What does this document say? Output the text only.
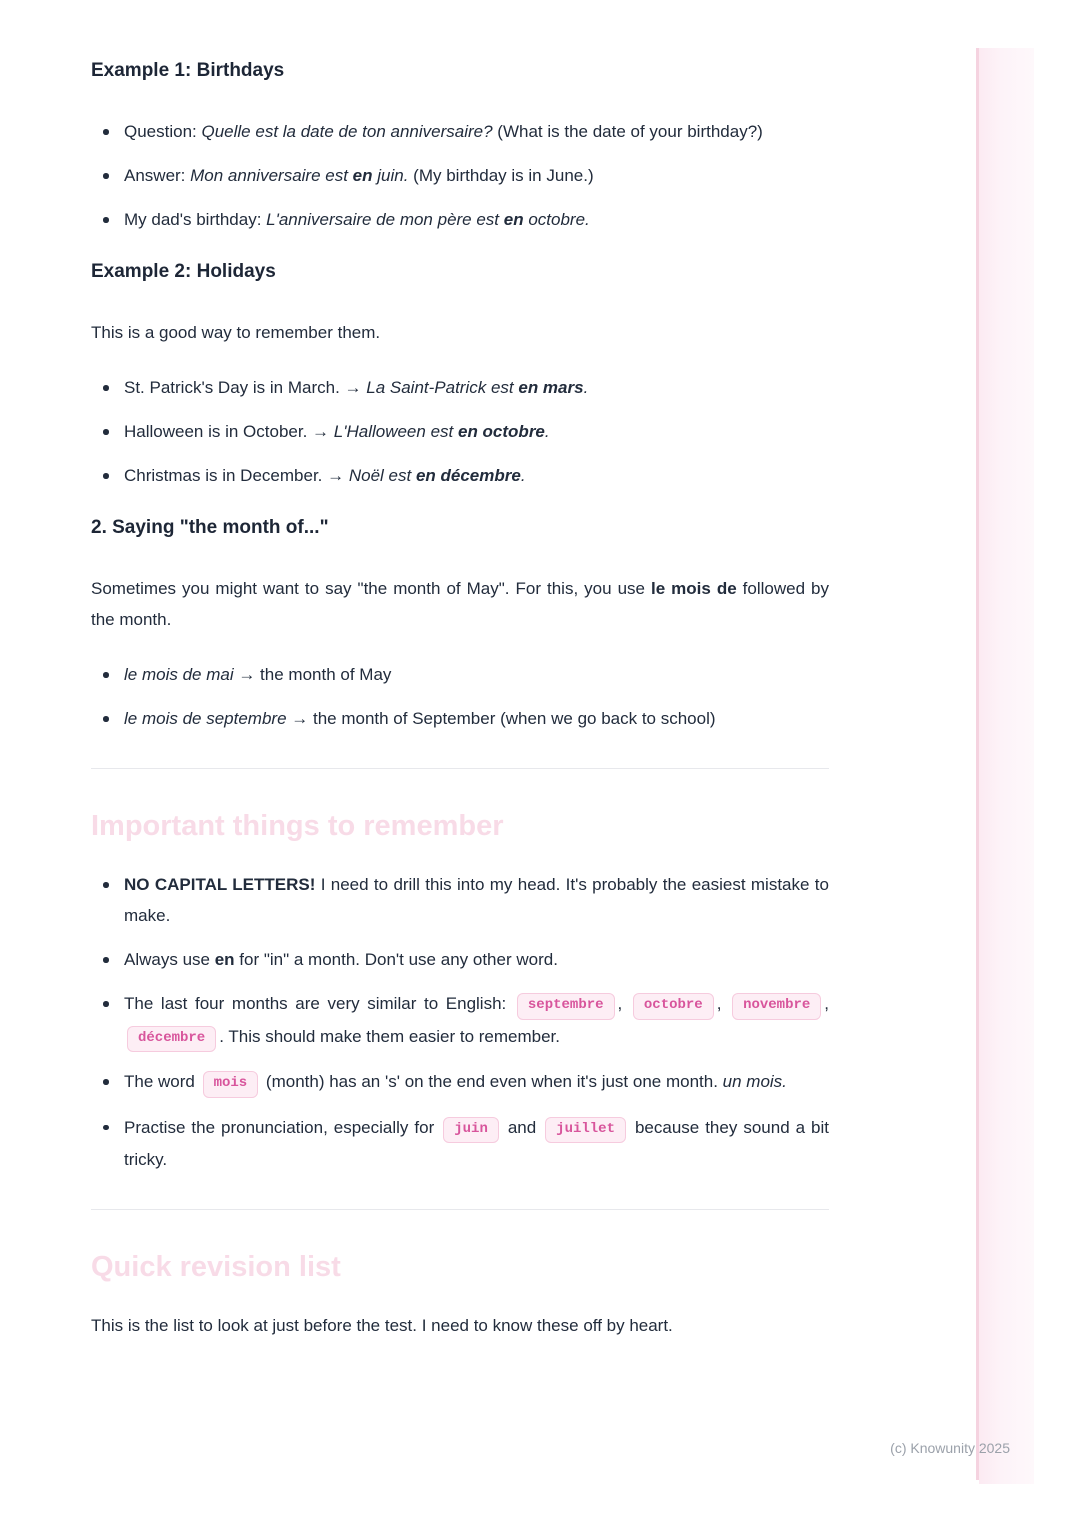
Example 1: Birthdays
Question: Quelle est la date de ton anniversaire? (What is the date of your birthday?)
Answer: Mon anniversaire est en juin. (My birthday is in June.)
My dad's birthday: L'anniversaire de mon père est en octobre.
Example 2: Holidays

This is a good way to remember them.

St. Patrick's Day is in March. → La Saint-Patrick est en mars.
Halloween is in October. → L'Halloween est en octobre.
Christmas is in December. → Noël est en décembre.
2. Saying "the month of..."

Sometimes you might want to say "the month of May". For this, you use le mois de followed by the month.

le mois de mai → the month of May
le mois de septembre → the month of September (when we go back to school)
Important things to remember
NO CAPITAL LETTERS! I need to drill this into my head. It's probably the easiest mistake to make.
Always use en for "in" a month. Don't use any other word.
The last four months are very similar to English: septembre , octobre , novembre , décembre . This should make them easier to remember.
The word mois (month) has an 's' on the end even when it's just one month. un mois.
Practise the pronunciation, especially for juin and juillet because they sound a bit tricky.
Quick revision list

This is the list to look at just before the test. I need to know these off by heart.

(c) Knowunity 2025
